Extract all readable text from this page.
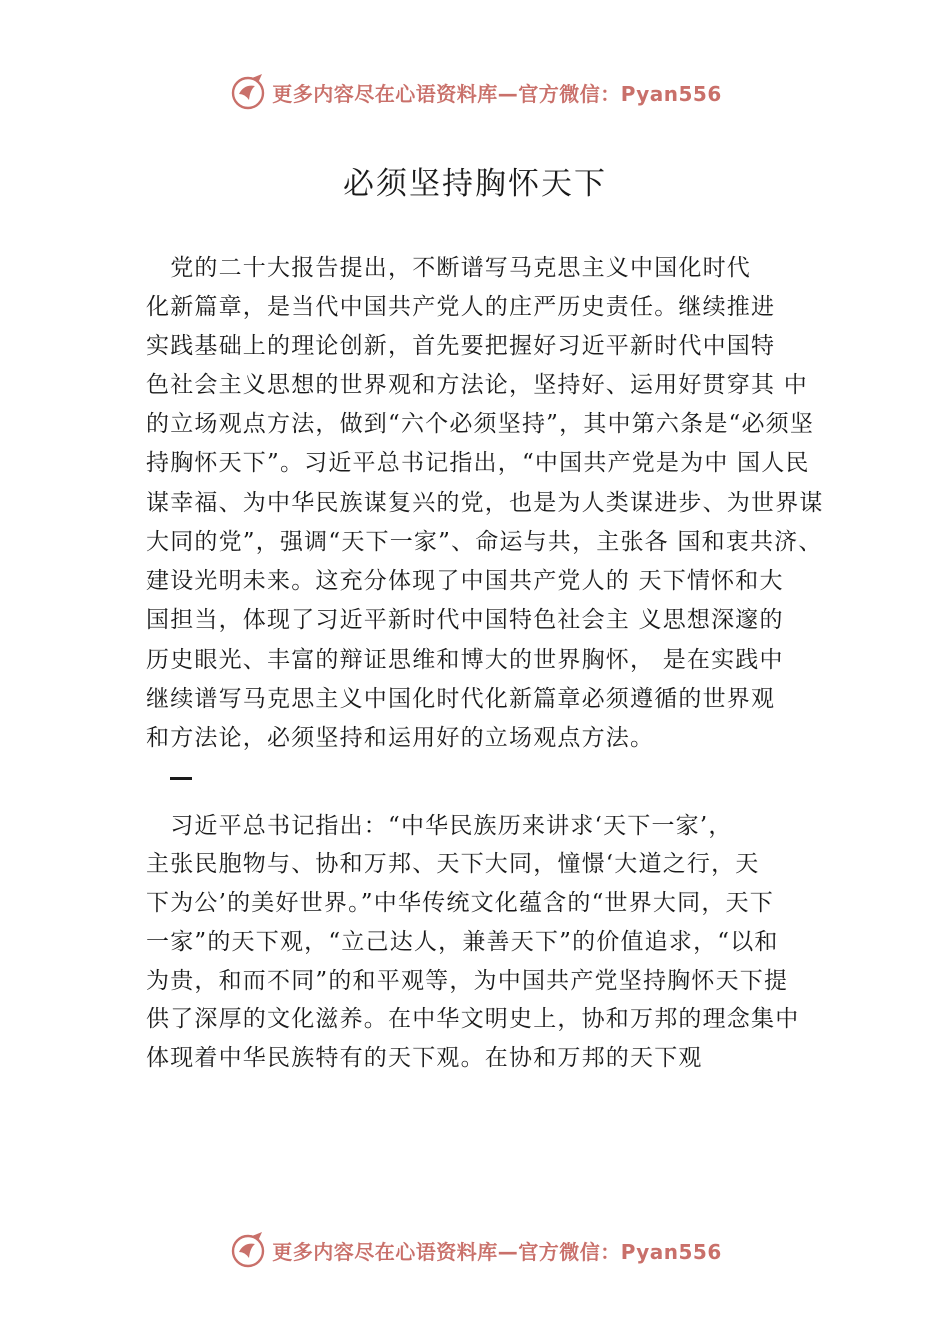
更多内容尽在心语资料库—官方微信：Pyan556
必须坚持胸怀天下
　党的二十大报告提出，不断谱写马克思主义中国化时代
化新篇章，是当代中国共产党人的庄严历史责任。继续推进
实践基础上的理论创新，首先要把握好习近平新时代中国特
色社会主义思想的世界观和方法论，坚持好、运用好贯穿其 中
的立场观点方法，做到“六个必须坚持”，其中第六条是“必须坚
持胸怀天下”。习近平总书记指出，“中国共产党是为中 国人民
谋幸福、为中华民族谋复兴的党，也是为人类谋进步、为世界谋
大同的党”，强调“天下一家”、命运与共，主张各 国和衷共济、
建设光明未来。这充分体现了中国共产党人的 天下情怀和大
国担当，体现了习近平新时代中国特色社会主 义思想深邃的
历史眼光、丰富的辩证思维和博大的世界胸怀， 是在实践中
继续谱写马克思主义中国化时代化新篇章必须遵循的世界观
和方法论，必须坚持和运用好的立场观点方法。
　习近平总书记指出：“中华民族历来讲求‘天下一家’，
主张民胞物与、协和万邦、天下大同，憧憬‘大道之行，天
下为公’的美好世界。”中华传统文化蕴含的“世界大同，天下
一家”的天下观，“立己达人，兼善天下”的价值追求，“以和
为贵，和而不同”的和平观等，为中国共产党坚持胸怀天下提
供了深厚的文化滋养。在中华文明史上，协和万邦的理念集中
体现着中华民族特有的天下观。在协和万邦的天下观
更多内容尽在心语资料库—官方微信：Pyan556
